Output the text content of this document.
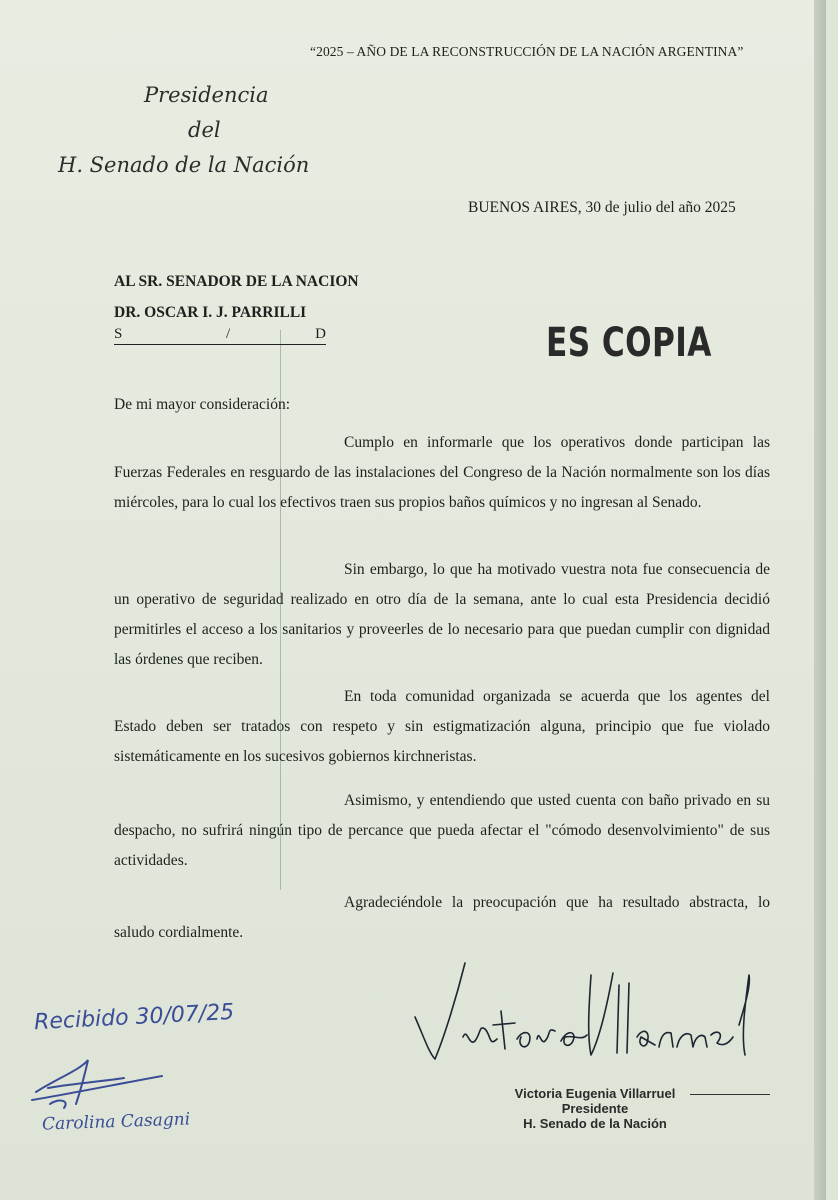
“2025 – AÑO DE LA RECONSTRUCCIÓN DE LA NACIÓN ARGENTINA”
Presidencia
del
H. Senado de la Nación
BUENOS AIRES, 30 de julio del año 2025
AL SR. SENADOR DE LA NACION
DR. OSCAR I. J. PARRILLI
S	/	D	ES COPIA
De mi mayor consideración:

Cumplo en informarle que los operativos donde participan las Fuerzas Federales en resguardo de las instalaciones del Congreso de la Nación normalmente son los días miércoles, para lo cual los efectivos traen sus propios baños químicos y no ingresan al Senado.

Sin embargo, lo que ha motivado vuestra nota fue consecuencia de un operativo de seguridad realizado en otro día de la semana, ante lo cual esta Presidencia decidió permitirles el acceso a los sanitarios y proveerles de lo necesario para que puedan cumplir con dignidad las órdenes que reciben.

En toda comunidad organizada se acuerda que los agentes del Estado deben ser tratados con respeto y sin estigmatización alguna, principio que fue violado sistemáticamente en los sucesivos gobiernos kirchneristas.

Asimismo, y entendiendo que usted cuenta con baño privado en su despacho, no sufrirá ningún tipo de percance que pueda afectar el "cómodo desenvolvimiento" de sus actividades.

Agradeciéndole la preocupación que ha resultado abstracta, lo saludo cordialmente.

Recibido 30/07/25
Carolina Casagni
Victoria Eugenia Villarruel
Presidente
H. Senado de la Nación
